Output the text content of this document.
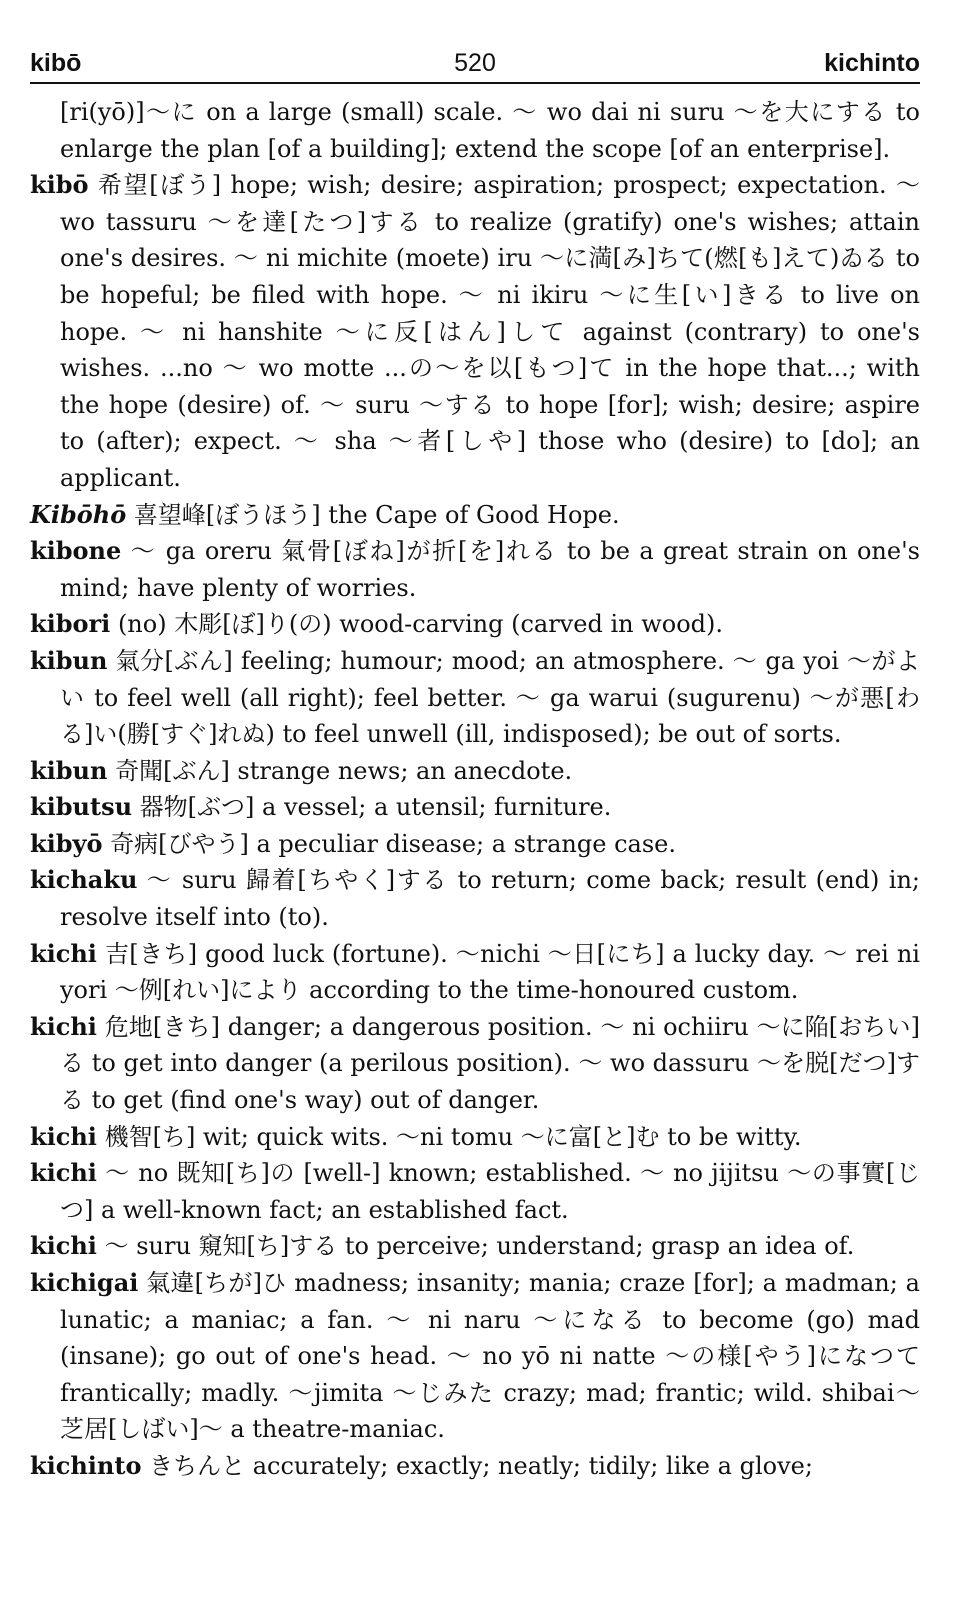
kibō	520	kichinto

[ri(yō)]〜に on a large (small) scale. 〜 wo dai ni suru 〜を大にする to enlarge the plan [of a building]; extend the scope [of an enterprise].

kibō 希望[ぼう] hope; wish; desire; aspiration; prospect; expectation. 〜 wo tassuru 〜を達[たつ]する to realize (gratify) one's wishes; attain one's desires. 〜 ni michite (moete) iru 〜に満[み]ちて(燃[も]えて)ゐる to be hopeful; be filed with hope. 〜 ni ikiru 〜に生[い]きる to live on hope. 〜 ni hanshite 〜に反[はん]して against (contrary) to one's wishes. ...no 〜 wo motte ...の〜を以[もつ]て in the hope that...; with the hope (desire) of. 〜 suru 〜する to hope [for]; wish; desire; aspire to (after); expect. 〜 sha 〜者[しや] those who (desire) to [do]; an applicant.

Kibōhō 喜望峰[ぼうほう] the Cape of Good Hope.

kibone 〜 ga oreru 氣骨[ぼね]が折[を]れる to be a great strain on one's mind; have plenty of worries.

kibori (no) 木彫[ぼ]り(の) wood-carving (carved in wood).

kibun 氣分[ぶん] feeling; humour; mood; an atmosphere. 〜 ga yoi 〜がよい to feel well (all right); feel better. 〜 ga warui (sugurenu) 〜が悪[わる]い(勝[すぐ]れぬ) to feel unwell (ill, indisposed); be out of sorts.

kibun 奇聞[ぶん] strange news; an anecdote.

kibutsu 器物[ぶつ] a vessel; a utensil; furniture.

kibyō 奇病[びやう] a peculiar disease; a strange case.

kichaku 〜 suru 歸着[ちやく]する to return; come back; result (end) in; resolve itself into (to).

kichi 吉[きち] good luck (fortune). 〜nichi 〜日[にち] a lucky day. 〜 rei ni yori 〜例[れい]により according to the time-honoured custom.

kichi 危地[きち] danger; a dangerous position. 〜 ni ochiiru 〜に陥[おちい]る to get into danger (a perilous position). 〜 wo dassuru 〜を脱[だつ]する to get (find one's way) out of danger.

kichi 機智[ち] wit; quick wits. 〜ni tomu 〜に富[と]む to be witty.

kichi 〜 no 既知[ち]の [well-] known; established. 〜 no jijitsu 〜の事實[じつ] a well-known fact; an established fact.

kichi 〜 suru 窺知[ち]する to perceive; understand; grasp an idea of.

kichigai 氣違[ちが]ひ madness; insanity; mania; craze [for]; a madman; a lunatic; a maniac; a fan. 〜 ni naru 〜になる to become (go) mad (insane); go out of one's head. 〜 no yō ni natte 〜の様[やう]になつて frantically; madly. 〜jimita 〜じみた crazy; mad; frantic; wild. shibai〜 芝居[しばい]〜 a theatre-maniac.

kichinto きちんと accurately; exactly; neatly; tidily; like a glove;
